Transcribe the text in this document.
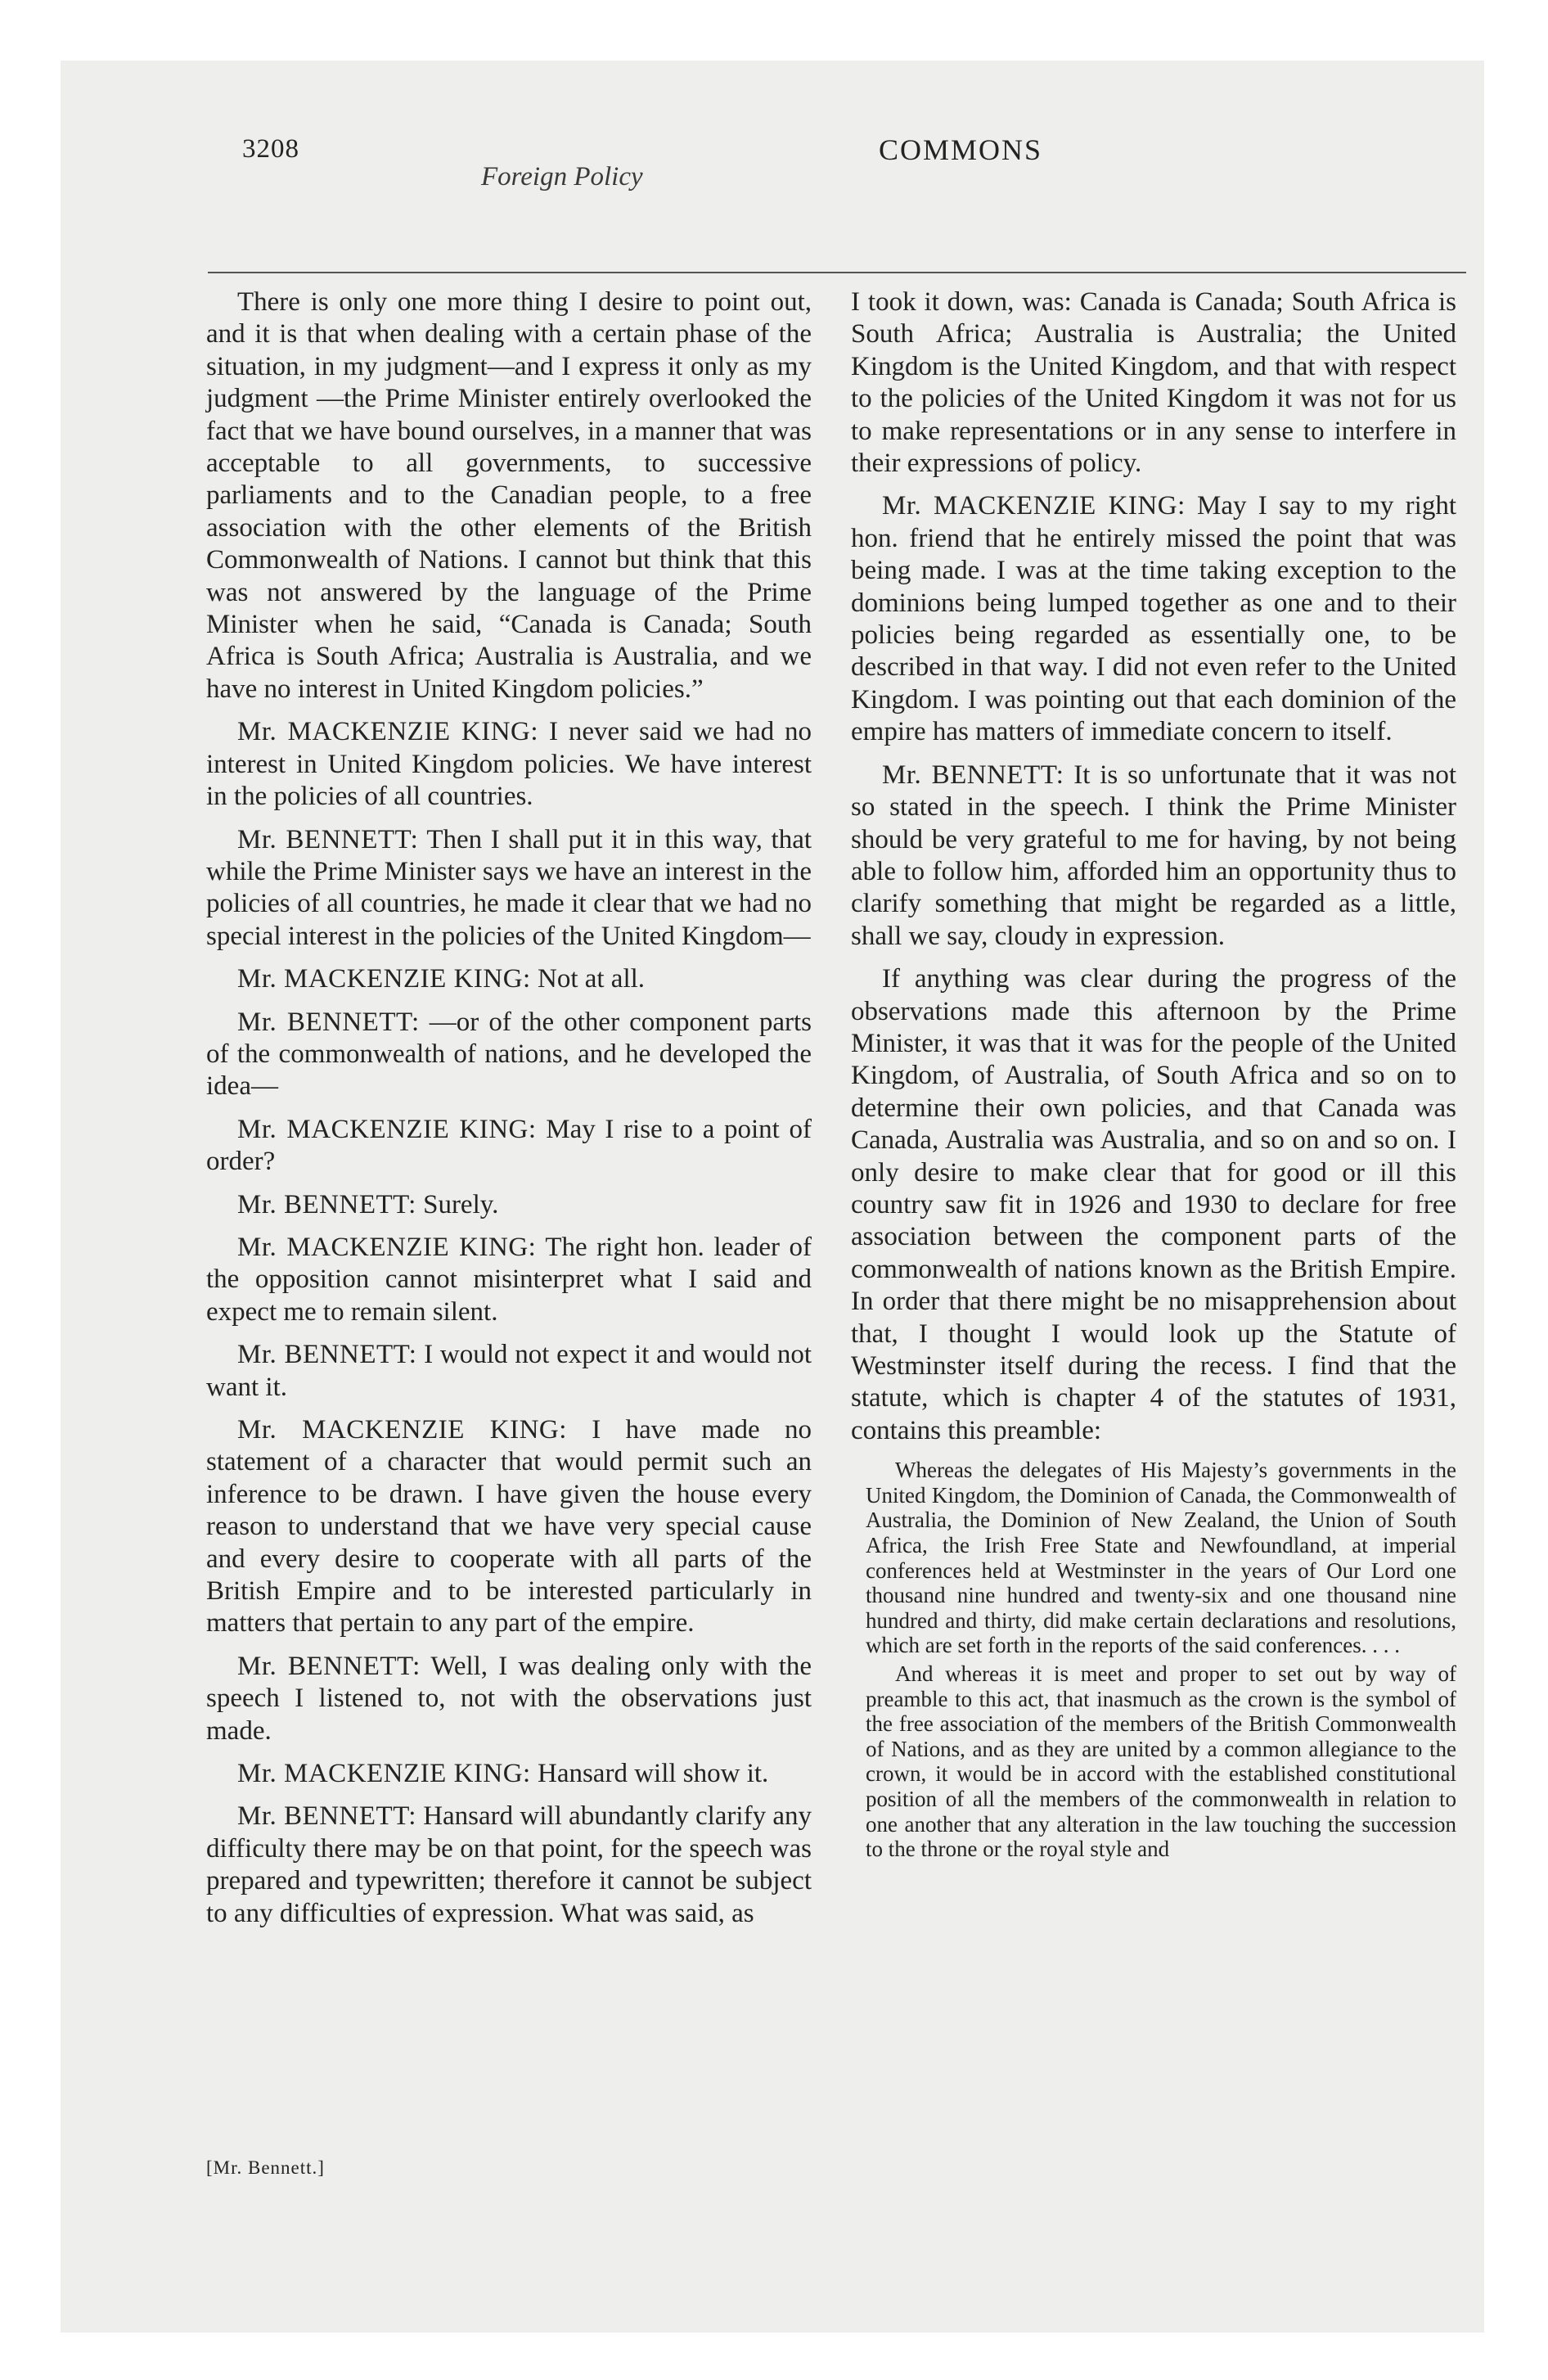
3208
Foreign Policy
COMMONS

There is only one more thing I desire to point out, and it is that when dealing with a certain phase of the situation, in my judgment—and I express it only as my judgment —the Prime Minister entirely overlooked the fact that we have bound ourselves, in a manner that was acceptable to all governments, to successive parliaments and to the Canadian people, to a free association with the other elements of the British Commonwealth of Nations. I cannot but think that this was not answered by the language of the Prime Minister when he said, “Canada is Canada; South Africa is South Africa; Australia is Australia, and we have no interest in United Kingdom policies.”

Mr. MACKENZIE KING: I never said we had no interest in United Kingdom policies. We have interest in the policies of all countries.

Mr. BENNETT: Then I shall put it in this way, that while the Prime Minister says we have an interest in the policies of all countries, he made it clear that we had no special interest in the policies of the United Kingdom—

Mr. MACKENZIE KING: Not at all.

Mr. BENNETT: —or of the other component parts of the commonwealth of nations, and he developed the idea—

Mr. MACKENZIE KING: May I rise to a point of order?

Mr. BENNETT: Surely.

Mr. MACKENZIE KING: The right hon. leader of the opposition cannot misinterpret what I said and expect me to remain silent.

Mr. BENNETT: I would not expect it and would not want it.

Mr. MACKENZIE KING: I have made no statement of a character that would permit such an inference to be drawn. I have given the house every reason to understand that we have very special cause and every desire to cooperate with all parts of the British Empire and to be interested particularly in matters that pertain to any part of the empire.

Mr. BENNETT: Well, I was dealing only with the speech I listened to, not with the observations just made.

Mr. MACKENZIE KING: Hansard will show it.

Mr. BENNETT: Hansard will abundantly clarify any difficulty there may be on that point, for the speech was prepared and typewritten; therefore it cannot be subject to any difficulties of expression. What was said, as

I took it down, was: Canada is Canada; South Africa is South Africa; Australia is Australia; the United Kingdom is the United Kingdom, and that with respect to the policies of the United Kingdom it was not for us to make representations or in any sense to interfere in their expressions of policy.

Mr. MACKENZIE KING: May I say to my right hon. friend that he entirely missed the point that was being made. I was at the time taking exception to the dominions being lumped together as one and to their policies being regarded as essentially one, to be described in that way. I did not even refer to the United Kingdom. I was pointing out that each dominion of the empire has matters of immediate concern to itself.

Mr. BENNETT: It is so unfortunate that it was not so stated in the speech. I think the Prime Minister should be very grateful to me for having, by not being able to follow him, afforded him an opportunity thus to clarify something that might be regarded as a little, shall we say, cloudy in expression.

If anything was clear during the progress of the observations made this afternoon by the Prime Minister, it was that it was for the people of the United Kingdom, of Australia, of South Africa and so on to determine their own policies, and that Canada was Canada, Australia was Australia, and so on and so on. I only desire to make clear that for good or ill this country saw fit in 1926 and 1930 to declare for free association between the component parts of the commonwealth of nations known as the British Empire. In order that there might be no misapprehension about that, I thought I would look up the Statute of Westminster itself during the recess. I find that the statute, which is chapter 4 of the statutes of 1931, contains this preamble:

Whereas the delegates of His Majesty’s governments in the United Kingdom, the Dominion of Canada, the Commonwealth of Australia, the Dominion of New Zealand, the Union of South Africa, the Irish Free State and Newfoundland, at imperial conferences held at Westminster in the years of Our Lord one thousand nine hundred and twenty-six and one thousand nine hundred and thirty, did make certain declarations and resolutions, which are set forth in the reports of the said conferences. . . .

And whereas it is meet and proper to set out by way of preamble to this act, that inasmuch as the crown is the symbol of the free association of the members of the British Commonwealth of Nations, and as they are united by a common allegiance to the crown, it would be in accord with the established constitutional position of all the members of the commonwealth in relation to one another that any alteration in the law touching the succession to the throne or the royal style and

[Mr. Bennett.]
